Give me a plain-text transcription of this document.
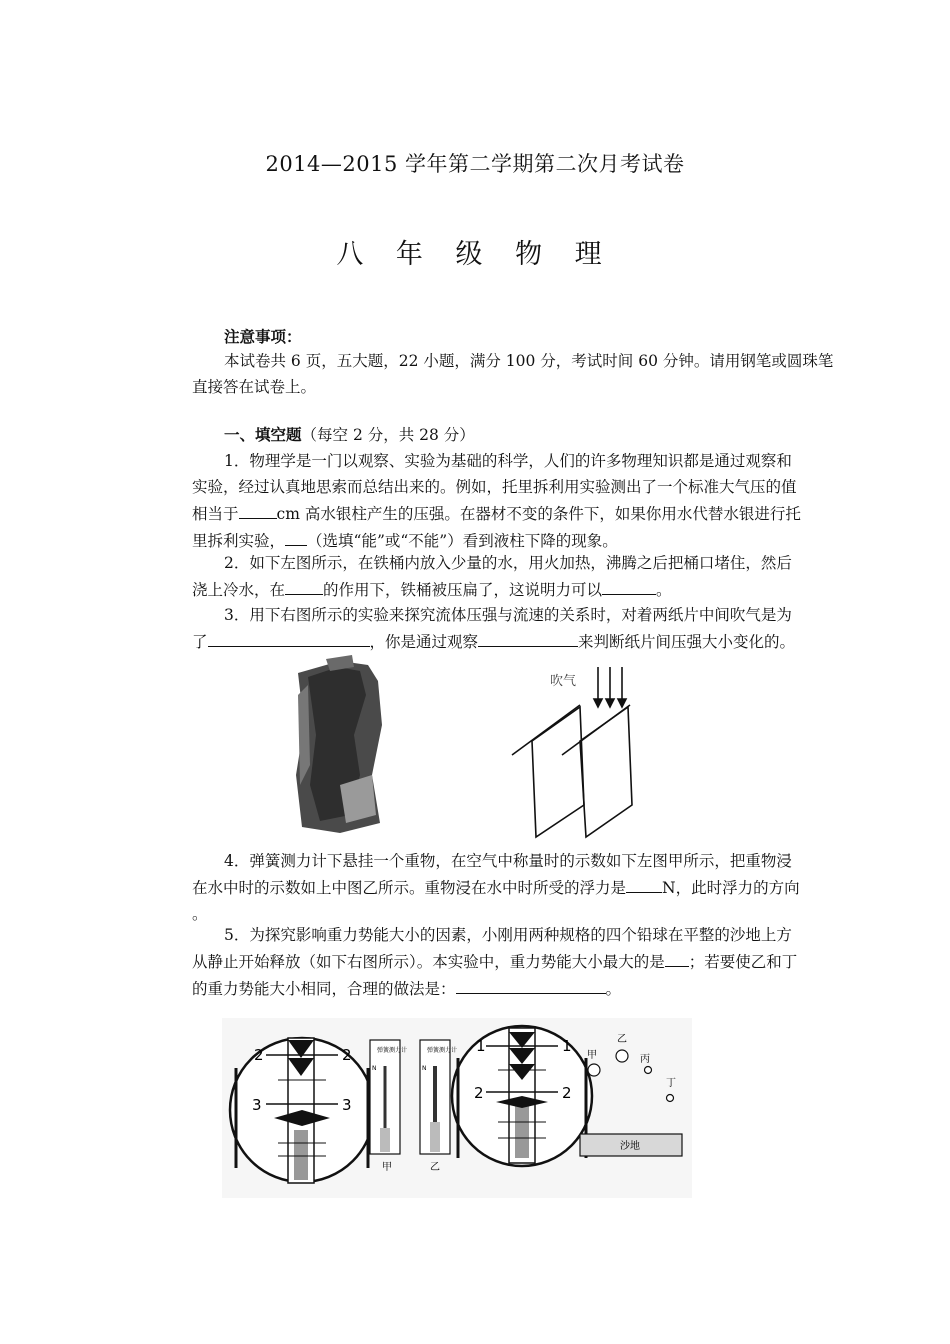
2014—2015 学年第二学期第二次月考试卷
八 年 级 物 理
注意事项：
本试卷共 6 页，五大题，22 小题，满分 100 分，考试时间 60 分钟。请用钢笔或圆珠笔
直接答在试卷上。
一、填空题（每空 2 分，共 28 分）
1．物理学是一门以观察、实验为基础的科学，人们的许多物理知识都是通过观察和
实验，经过认真地思索而总结出来的。例如，托里拆利用实验测出了一个标准大气压的值
相当于 cm 高水银柱产生的压强。在器材不变的条件下，如果你用水代替水银进行托
里拆利实验， （选填“能”或“不能”）看到液柱下降的现象。
2．如下左图所示，在铁桶内放入少量的水，用火加热，沸腾之后把桶口堵住，然后
浇上冷水，在 的作用下，铁桶被压扁了，这说明力可以	。
3．用下右图所示的实验来探究流体压强与流速的关系时，对着两纸片中间吹气是为
了	，你是通过观察	来判断纸片间压强大小变化的。
吹气
4．弹簧测力计下悬挂一个重物，在空气中称量时的示数如下左图甲所示，把重物浸
在水中时的示数如上中图乙所示。重物浸在水中时所受的浮力是 N，此时浮力的方向
。
5．为探究影响重力势能大小的因素，小刚用两种规格的四个铅球在平整的沙地上方
从静止开始释放（如下右图所示）。本实验中，重力势能大小最大的是 ；若要使乙和丁
的重力势能大小相同，合理的做法是：	。
2	2
3	3
弹簧测力计
N
甲
弹簧测力计
N
乙
1	1
2	2
甲
乙
丙
丁
沙地
